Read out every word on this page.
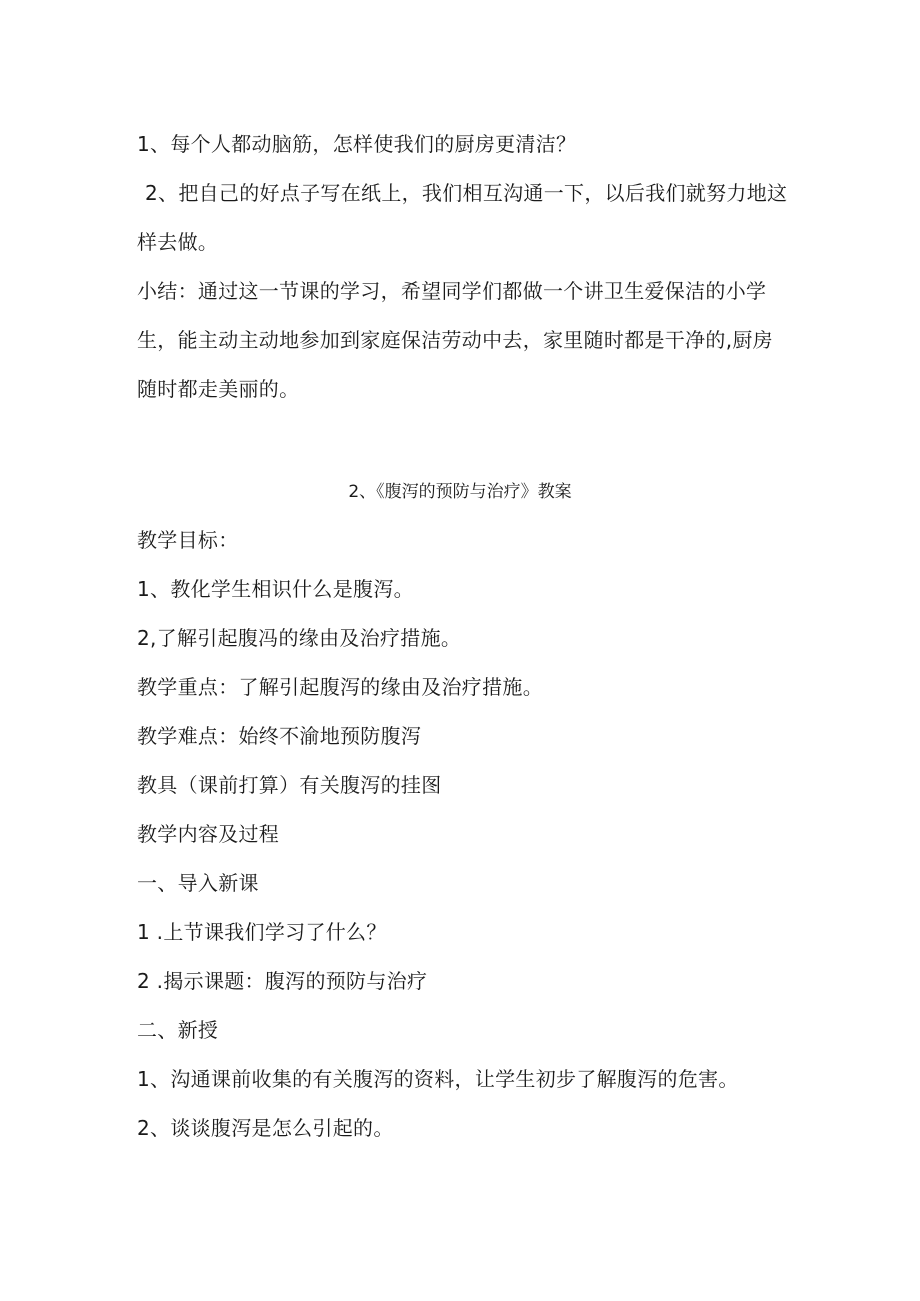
1、每个人都动脑筋，怎样使我们的厨房更清洁？
2、把自己的好点子写在纸上，我们相互沟通一下，以后我们就努力地这
样去做。
小结：通过这一节课的学习，希望同学们都做一个讲卫生爱保洁的小学
生，能主动主动地参加到家庭保洁劳动中去，家里随时都是干净的,厨房
随时都走美丽的。
2、《腹泻的预防与治疗》教案
教学目标：
1、教化学生相识什么是腹泻。
2,了解引起腹冯的缘由及治疗措施。
教学重点：了解引起腹泻的缘由及治疗措施。
教学难点：始终不渝地预防腹泻
教具（课前打算）有关腹泻的挂图
教学内容及过程
一、导入新课
1 .上节课我们学习了什么？
2 .揭示课题：腹泻的预防与治疗
二、新授
1、沟通课前收集的有关腹泻的资料，让学生初步了解腹泻的危害。
2、谈谈腹泻是怎么引起的。
